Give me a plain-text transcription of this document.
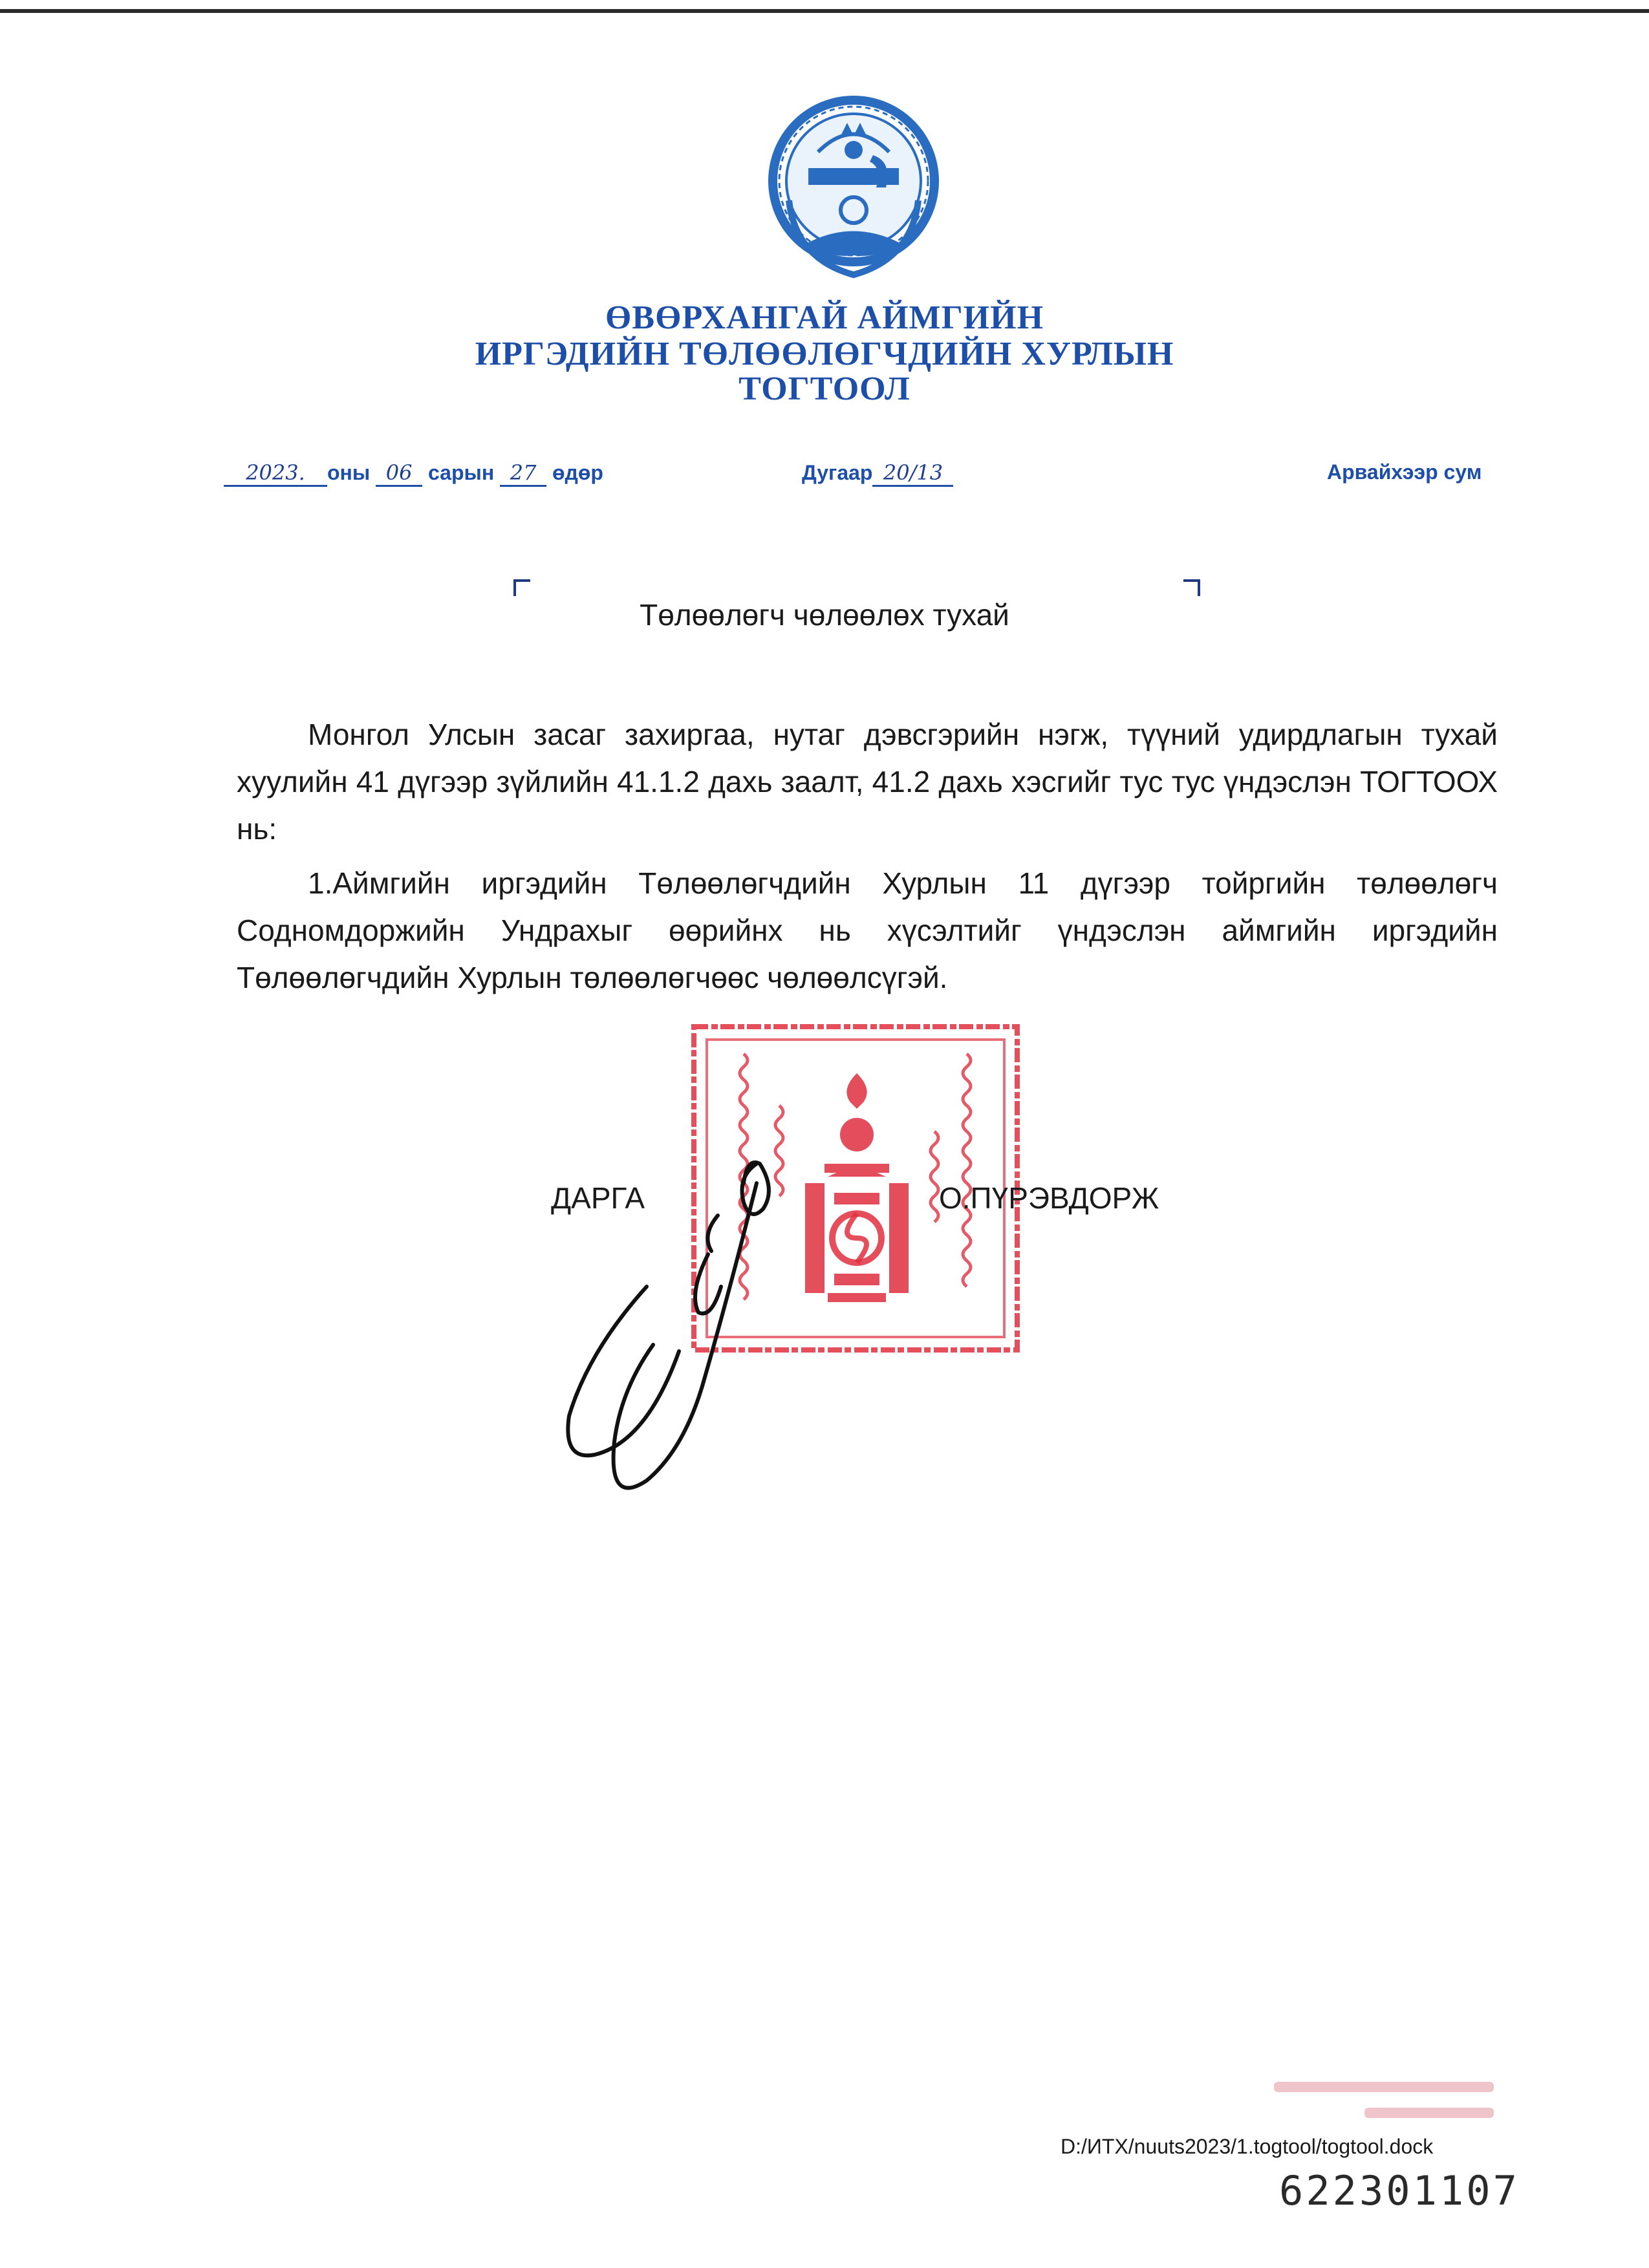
ӨВӨРХАНГАЙ АЙМГИЙН
ИРГЭДИЙН ТӨЛӨӨЛӨГЧДИЙН ХУРЛЫН
ТОГТООЛ
2023. оны 06 сарын 27 өдөр	Дугаар 20/13	Арвайхээр сум
Төлөөлөгч чөлөөлөх тухай
Монгол Улсын засаг захиргаа, нутаг дэвсгэрийн нэгж, түүний удирдлагын тухай хуулийн 41 дүгээр зүйлийн 41.1.2 дахь заалт, 41.2 дахь хэсгийг тус тус үндэслэн ТОГТООХ нь:
1.Аймгийн иргэдийн Төлөөлөгчдийн Хурлын 11 дүгээр тойргийн төлөөлөгч Содномдоржийн Ундрахыг өөрийнх нь хүсэлтийг үндэслэн аймгийн иргэдийн Төлөөлөгчдийн Хурлын төлөөлөгчөөс чөлөөлсүгэй.
ДАРГА	О.ПҮРЭВДОРЖ
D:/ИТХ/nuuts2023/1.togtool/togtool.dock
622301107
